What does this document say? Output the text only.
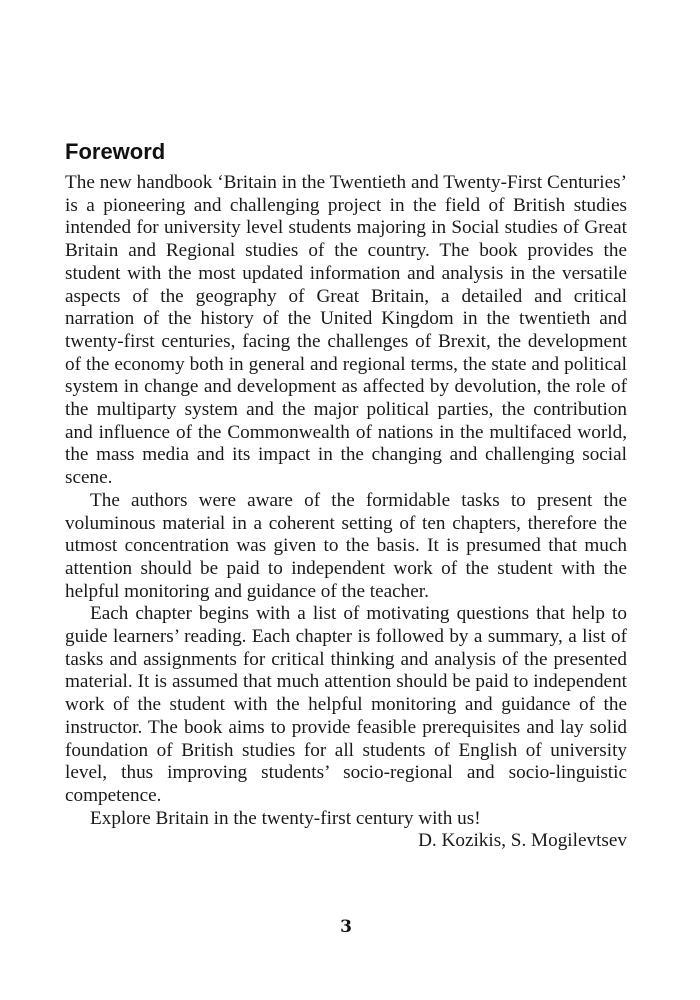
Foreword

The new handbook ‘Britain in the Twentieth and Twenty-First Centuries’ is a pioneering and challenging project in the field of British studies intended for university level students majoring in Social studies of Great Britain and Regional studies of the country. The book provides the student with the most updated information and analysis in the versatile aspects of the geography of Great Britain, a detailed and critical narration of the history of the United Kingdom in the twentieth and twenty-first centuries, facing the challenges of Brexit, the development of the economy both in general and regional terms, the state and political system in change and development as affected by devolution, the role of the multiparty system and the major political parties, the contribution and influence of the Commonwealth of nations in the multifaced world, the mass media and its impact in the changing and challenging social scene.

The authors were aware of the formidable tasks to present the voluminous material in a coherent setting of ten chapters, therefore the utmost concentration was given to the basis. It is presumed that much attention should be paid to independent work of the student with the helpful monitoring and guidance of the teacher.

Each chapter begins with a list of motivating questions that help to guide learners’ reading. Each chapter is followed by a summary, a list of tasks and assignments for critical thinking and analysis of the presented material. It is assumed that much attention should be paid to independent work of the student with the helpful monitoring and guidance of the instructor. The book aims to provide feasible prerequisites and lay solid foundation of British studies for all students of English of university level, thus improving students’ socio-regional and socio-linguistic competence.

Explore Britain in the twenty-first century with us!

D. Kozikis, S. Mogilevtsev

3
